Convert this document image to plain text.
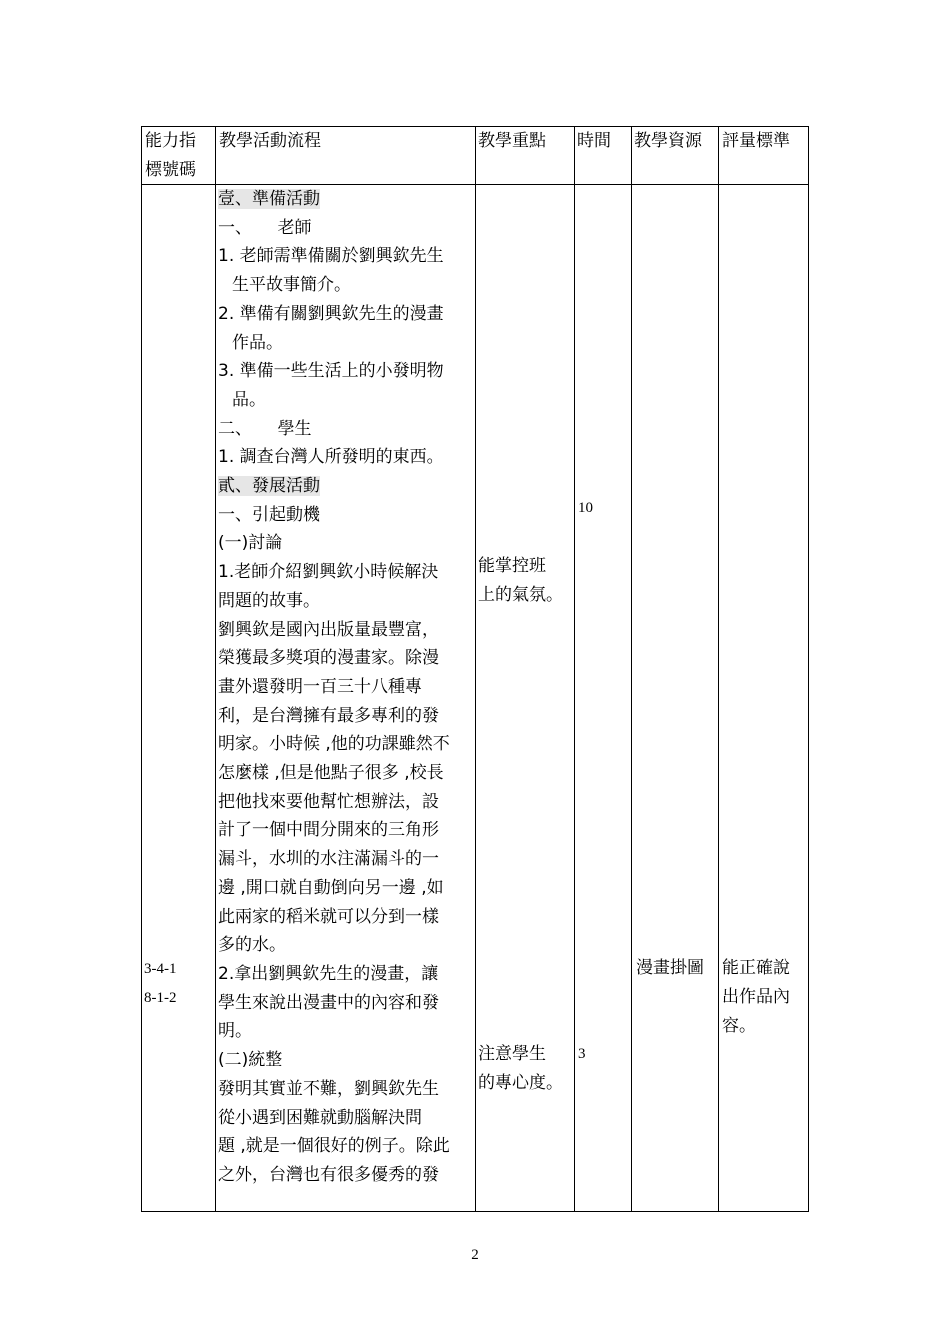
能力指
標號碼
教學活動流程	教學重點 時間 教學資源 評量標準
3-4-1
8-1-2
壹、準備活動
一、　　老師
1. 老師需準備關於劉興欽先生
生平故事簡介。
2. 準備有關劉興欽先生的漫畫
作品。
3. 準備一些生活上的小發明物
品。
二、　　學生
1. 調查台灣人所發明的東西。
貳、發展活動
一、引起動機
(一)討論
1.老師介紹劉興欽小時候解決
問題的故事。
劉興欽是國內出版量最豐富，
榮獲最多獎項的漫畫家。除漫
畫外還發明一百三十八種專
利，是台灣擁有最多專利的發
明家。小時候 ,他的功課雖然不
怎麼樣 ,但是他點子很多 ,校長
把他找來要他幫忙想辦法，設
計了一個中間分開來的三角形
漏斗，水圳的水注滿漏斗的一
邊 ,開口就自動倒向另一邊 ,如
此兩家的稻米就可以分到一樣
多的水。
2.拿出劉興欽先生的漫畫，讓
學生來說出漫畫中的內容和發
明。
(二)統整
發明其實並不難，劉興欽先生
從小遇到困難就動腦解決問
題 ,就是一個很好的例子。除此
之外，台灣也有很多優秀的發
能掌控班
上的氣氛。
注意學生
的專心度。
10
3
漫畫掛圖 能正確說
出作品內
容。
2
